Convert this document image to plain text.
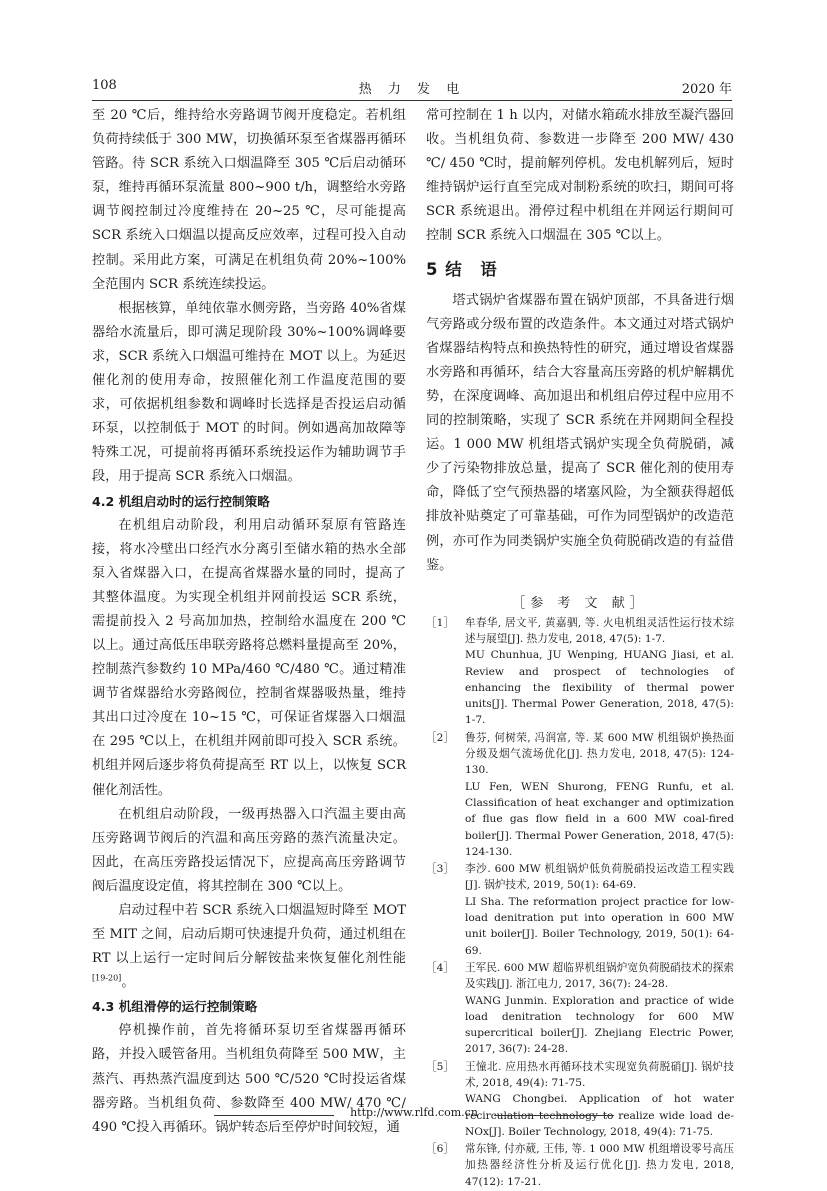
108	热 力 发 电	2020 年

至 20 ℃后，维持给水旁路调节阀开度稳定。若机组负荷持续低于 300 MW，切换循环泵至省煤器再循环管路。待 SCR 系统入口烟温降至 305 ℃后启动循环泵，维持再循环泵流量 800~900 t/h，调整给水旁路调节阀控制过冷度维持在 20~25 ℃，尽可能提高 SCR 系统入口烟温以提高反应效率，过程可投入自动控制。采用此方案，可满足在机组负荷 20%~100%全范围内 SCR 系统连续投运。

根据核算，单纯依靠水侧旁路，当旁路 40%省煤器给水流量后，即可满足现阶段 30%~100%调峰要求，SCR 系统入口烟温可维持在 MOT 以上。为延迟催化剂的使用寿命，按照催化剂工作温度范围的要求，可依据机组参数和调峰时长选择是否投运启动循环泵，以控制低于 MOT 的时间。例如遇高加故障等特殊工况，可提前将再循环系统投运作为辅助调节手段，用于提高 SCR 系统入口烟温。

4.2 机组启动时的运行控制策略

在机组启动阶段，利用启动循环泵原有管路连接，将水冷壁出口经汽水分离引至储水箱的热水全部泵入省煤器入口，在提高省煤器水量的同时，提高了其整体温度。为实现全机组并网前投运 SCR 系统，需提前投入 2 号高加加热，控制给水温度在 200 ℃以上。通过高低压串联旁路将总燃料量提高至 20%，控制蒸汽参数约 10 MPa/460 ℃/480 ℃。通过精准调节省煤器给水旁路阀位，控制省煤器吸热量，维持其出口过冷度在 10~15 ℃，可保证省煤器入口烟温在 295 ℃以上，在机组并网前即可投入 SCR 系统。机组并网后逐步将负荷提高至 RT 以上，以恢复 SCR 催化剂活性。

在机组启动阶段，一级再热器入口汽温主要由高压旁路调节阀后的汽温和高压旁路的蒸汽流量决定。因此，在高压旁路投运情况下，应提高高压旁路调节阀后温度设定值，将其控制在 300 ℃以上。

启动过程中若 SCR 系统入口烟温短时降至 MOT 至 MIT 之间，启动后期可快速提升负荷，通过机组在 RT 以上运行一定时间后分解铵盐来恢复催化剂性能[19-20]。

4.3 机组滑停的运行控制策略

停机操作前，首先将循环泵切至省煤器再循环路，并投入暖管备用。当机组负荷降至 500 MW，主蒸汽、再热蒸汽温度到达 500 ℃/520 ℃时投运省煤器旁路。当机组负荷、参数降至 400 MW/ 470 ℃/ 490 ℃投入再循环。锅炉转态后至停炉时间较短，通

常可控制在 1 h 以内，对储水箱疏水排放至凝汽器回收。当机组负荷、参数进一步降至 200 MW/ 430 ℃/ 450 ℃时，提前解列停机。发电机解列后，短时维持锅炉运行直至完成对制粉系统的吹扫，期间可将 SCR 系统退出。滑停过程中机组在并网运行期间可控制 SCR 系统入口烟温在 305 ℃以上。

5 结　语

塔式锅炉省煤器布置在锅炉顶部，不具备进行烟气旁路或分级布置的改造条件。本文通过对塔式锅炉省煤器结构特点和换热特性的研究，通过增设省煤器水旁路和再循环，结合大容量高压旁路的机炉解耦优势，在深度调峰、高加退出和机组启停过程中应用不同的控制策略，实现了 SCR 系统在并网期间全程投运。1 000 MW 机组塔式锅炉实现全负荷脱硝，减少了污染物排放总量，提高了 SCR 催化剂的使用寿命，降低了空气预热器的堵塞风险，为全额获得超低排放补贴奠定了可靠基础，可作为同型锅炉的改造范例，亦可作为同类锅炉实施全负荷脱硝改造的有益借鉴。

［参 考 文 献］
［1］ 牟春华, 居文平, 黄嘉驷, 等. 火电机组灵活性运行技术综述与展望[J]. 热力发电, 2018, 47(5): 1-7.
MU Chunhua, JU Wenping, HUANG Jiasi, et al. Review and prospect of technologies of enhancing the flexibility of thermal power units[J]. Thermal Power Generation, 2018, 47(5): 1-7.
［2］ 鲁芬, 何树荣, 冯润富, 等. 某 600 MW 机组锅炉换热面分级及烟气流场优化[J]. 热力发电, 2018, 47(5): 124-130.
LU Fen, WEN Shurong, FENG Runfu, et al. Classification of heat exchanger and optimization of flue gas flow field in a 600 MW coal-fired boiler[J]. Thermal Power Generation, 2018, 47(5): 124-130.
［3］ 李沙. 600 MW 机组锅炉低负荷脱硝投运改造工程实践[J]. 锅炉技术, 2019, 50(1): 64-69.
LI Sha. The reformation project practice for low-load denitration put into operation in 600 MW unit boiler[J]. Boiler Technology, 2019, 50(1): 64-69.
［4］ 王军民. 600 MW 超临界机组锅炉宽负荷脱硝技术的探索及实践[J]. 浙江电力, 2017, 36(7): 24-28.
WANG Junmin. Exploration and practice of wide load denitration technology for 600 MW supercritical boiler[J]. Zhejiang Electric Power, 2017, 36(7): 24-28.
［5］ 王憧北. 应用热水再循环技术实现宽负荷脱硝[J]. 锅炉技术, 2018, 49(4): 71-75.
WANG Chongbei. Application of hot water recirculation technology to realize wide load de-NOx[J]. Boiler Technology, 2018, 49(4): 71-75.
［6］ 常东锋, 付亦葳, 王伟, 等. 1 000 MW 机组增设零号高压加热器经济性分析及运行优化[J]. 热力发电, 2018, 47(12): 17-21.
http://www.rlfd.com.cn
